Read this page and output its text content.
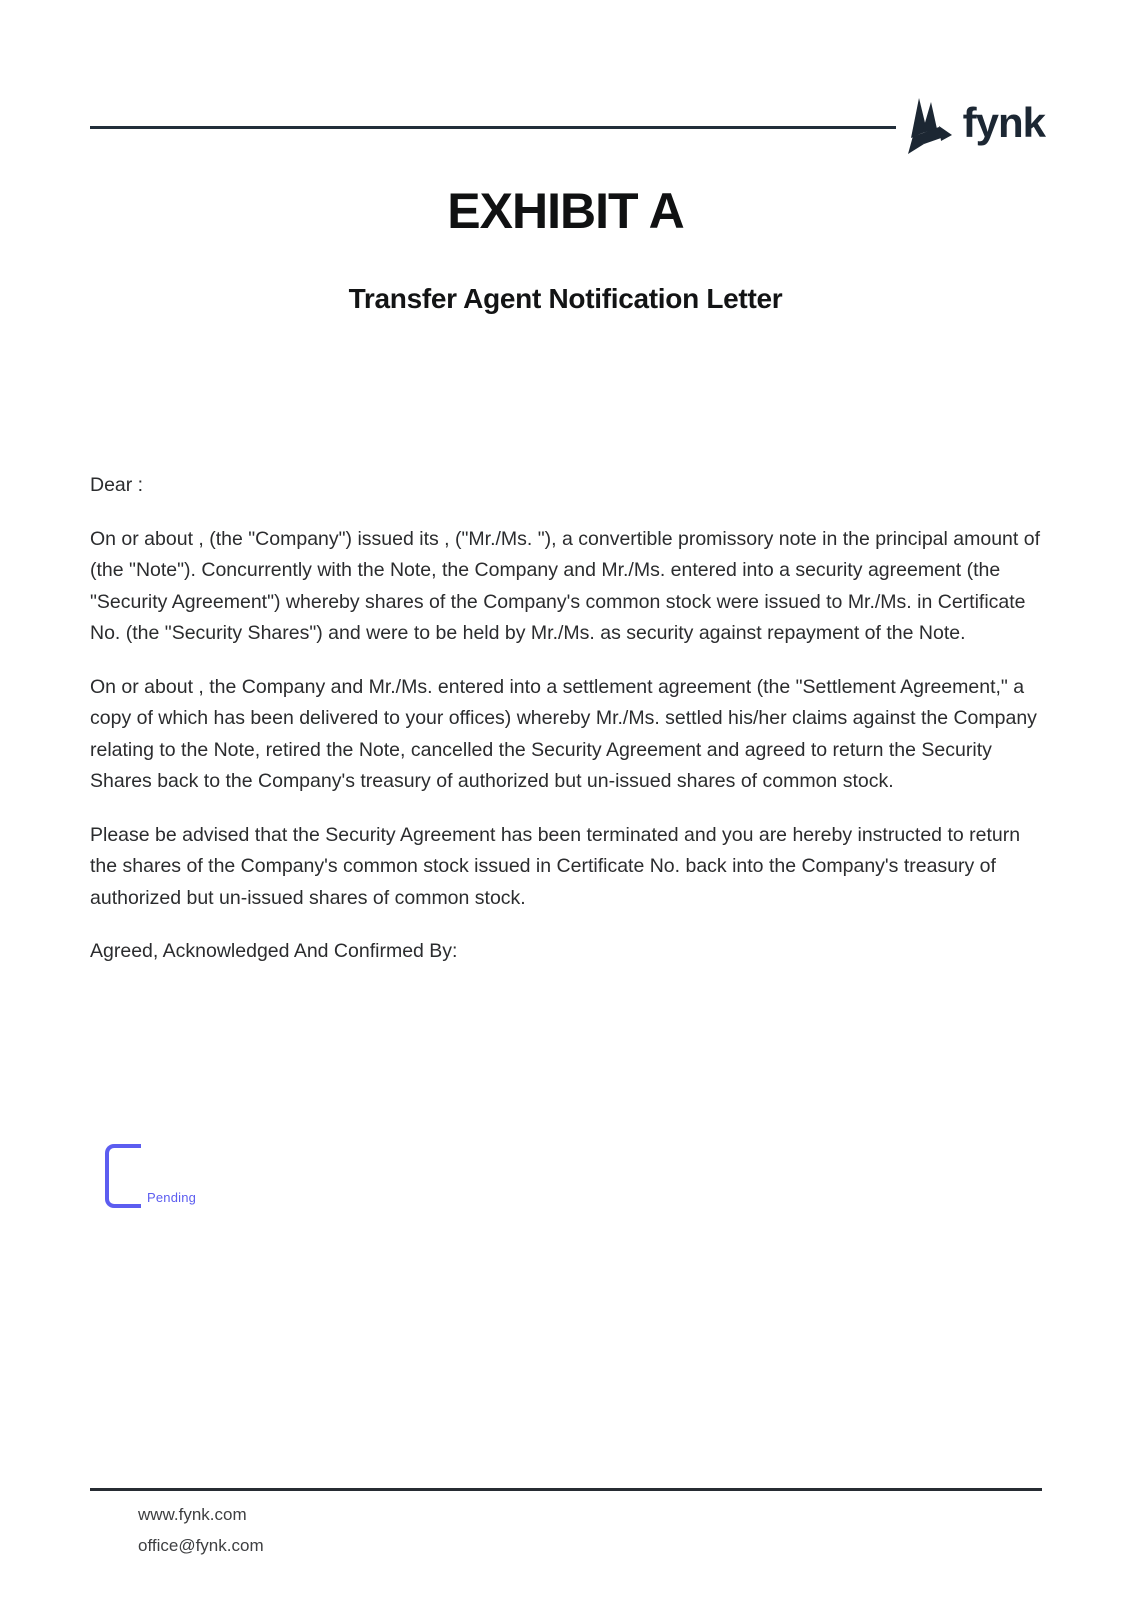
fynk
EXHIBIT A
Transfer Agent Notification Letter

Dear :

On or about , (the "Company") issued its , ("Mr./Ms. "), a convertible promissory note in the principal amount of (the "Note"). Concurrently with the Note, the Company and Mr./Ms. entered into a security agreement (the "Security Agreement") whereby shares of the Company's common stock were issued to Mr./Ms. in Certificate No. (the "Security Shares") and were to be held by Mr./Ms. as security against repayment of the Note.

On or about , the Company and Mr./Ms. entered into a settlement agreement (the "Settlement Agreement," a copy of which has been delivered to your offices) whereby Mr./Ms. settled his/her claims against the Company relating to the Note, retired the Note, cancelled the Security Agreement and agreed to return the Security Shares back to the Company's treasury of authorized but un-issued shares of common stock.

Please be advised that the Security Agreement has been terminated and you are hereby instructed to return the shares of the Company's common stock issued in Certificate No. back into the Company's treasury of authorized but un-issued shares of common stock.

Agreed, Acknowledged And Confirmed By:

Pending
www.fynk.com
office@fynk.com
